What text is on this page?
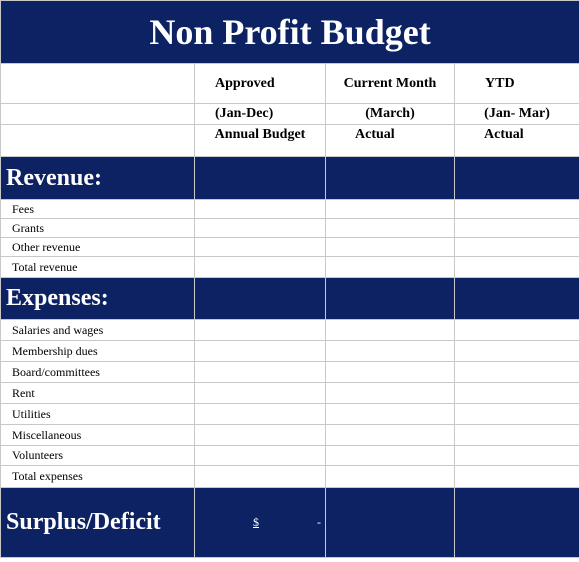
Non Profit Budget			
	Approved	Current Month	YTD
	(Jan-Dec)	(March)	(Jan- Mar)
	Annual Budget	Actual	Actual
Revenue:			
Fees			
Grants			
Other revenue			
Total revenue			
Expenses:			
Salaries and wages			
Membership dues			
Board/committees			
Rent			
Utilities			
Miscellaneous			
Volunteers			
Total expenses			
Surplus/Deficit	$ -		
